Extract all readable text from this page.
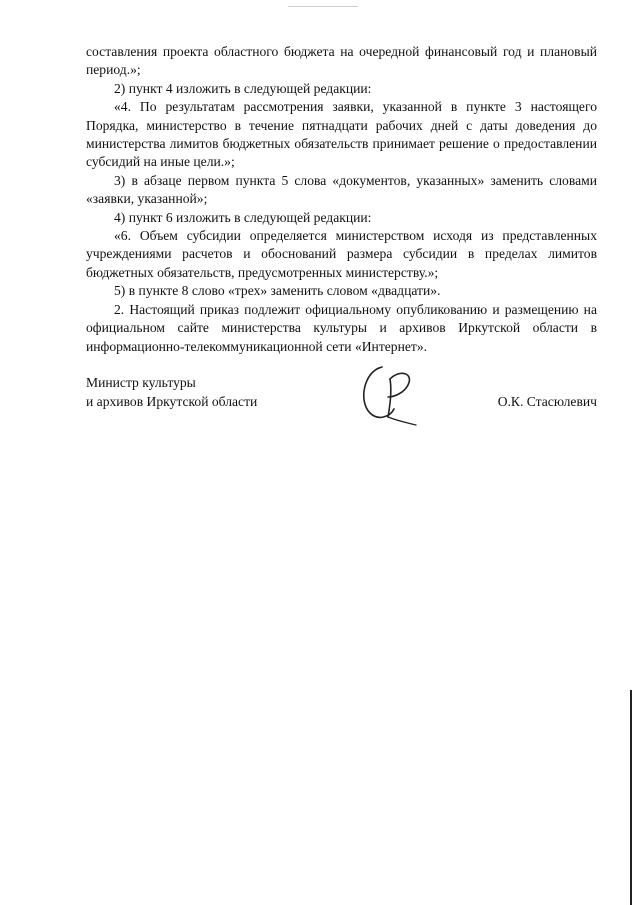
составления проекта областного бюджета на очередной финансовый год и плановый период.»;

2) пункт 4 изложить в следующей редакции:

«4. По результатам рассмотрения заявки, указанной в пункте 3 настоящего Порядка, министерство в течение пятнадцати рабочих дней с даты доведения до министерства лимитов бюджетных обязательств принимает решение о предоставлении субсидий на иные цели.»;

3) в абзаце первом пункта 5 слова «документов, указанных» заменить словами «заявки, указанной»;

4) пункт 6 изложить в следующей редакции:

«6. Объем субсидии определяется министерством исходя из представленных учреждениями расчетов и обоснований размера субсидии в пределах лимитов бюджетных обязательств, предусмотренных министерству.»;

5) в пункте 8 слово «трех» заменить словом «двадцати».

2. Настоящий приказ подлежит официальному опубликованию и размещению на официальном сайте министерства культуры и архивов Иркутской области в информационно-телекоммуникационной сети «Интернет».

Министр культуры
и архивов Иркутской области	О.К. Стасюлевич
